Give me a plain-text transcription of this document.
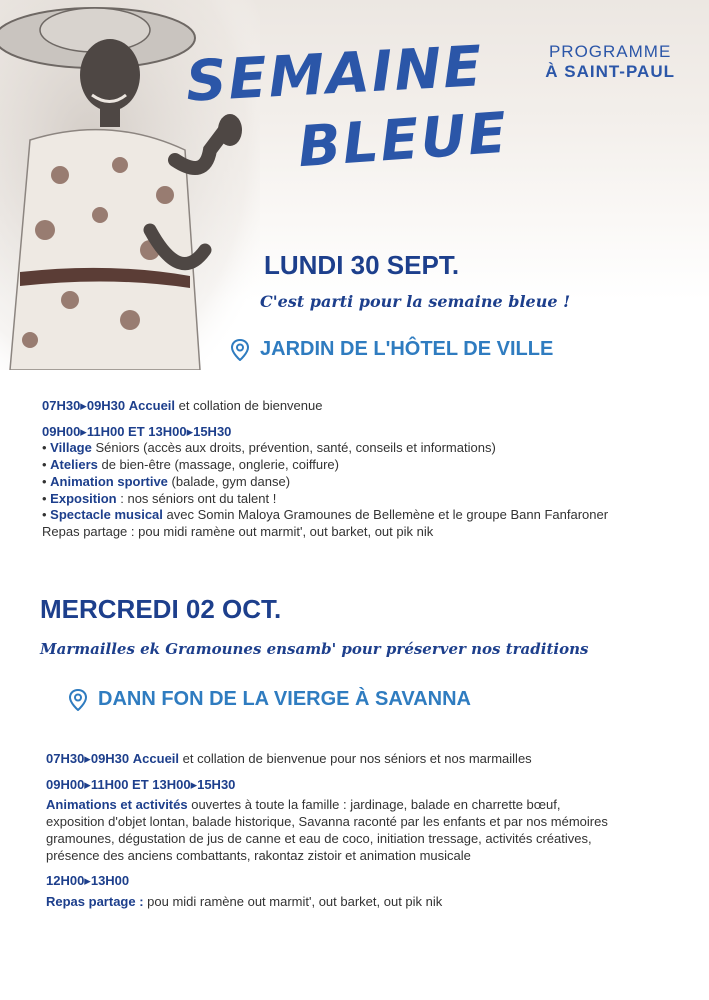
SEMAINE
BLEUE
PROGRAMME
À SAINT-PAUL
LUNDI 30 SEPT.

C'est parti pour la semaine bleue !

JARDIN DE L'HÔTEL DE VILLE
07H30▸09H30 Accueil et collation de bienvenue
09H00▸11H00 ET 13H00▸15H30
• Village Séniors (accès aux droits, prévention, santé, conseils et informations)
• Ateliers de bien-être (massage, onglerie, coiffure)
• Animation sportive (balade, gym danse)
• Exposition : nos séniors ont du talent !
• Spectacle musical avec Somin Maloya Gramounes de Bellemène et le groupe Bann Fanfaroner
Repas partage : pou midi ramène out marmit', out barket, out pik nik
MERCREDI 02 OCT.

Marmailles ek Gramounes ensamb' pour préserver nos traditions

DANN FON DE LA VIERGE À SAVANNA
07H30▸09H30 Accueil et collation de bienvenue pour nos séniors et nos marmailles
09H00▸11H00 ET 13H00▸15H30
Animations et activités ouvertes à toute la famille : jardinage, balade en charrette bœuf,
exposition d'objet lontan, balade historique, Savanna raconté par les enfants et par nos mémoires
gramounes, dégustation de jus de canne et eau de coco, initiation tressage, activités créatives,
présence des anciens combattants, rakontaz zistoir et animation musicale
12H00▸13H00
Repas partage : pou midi ramène out marmit', out barket, out pik nik
